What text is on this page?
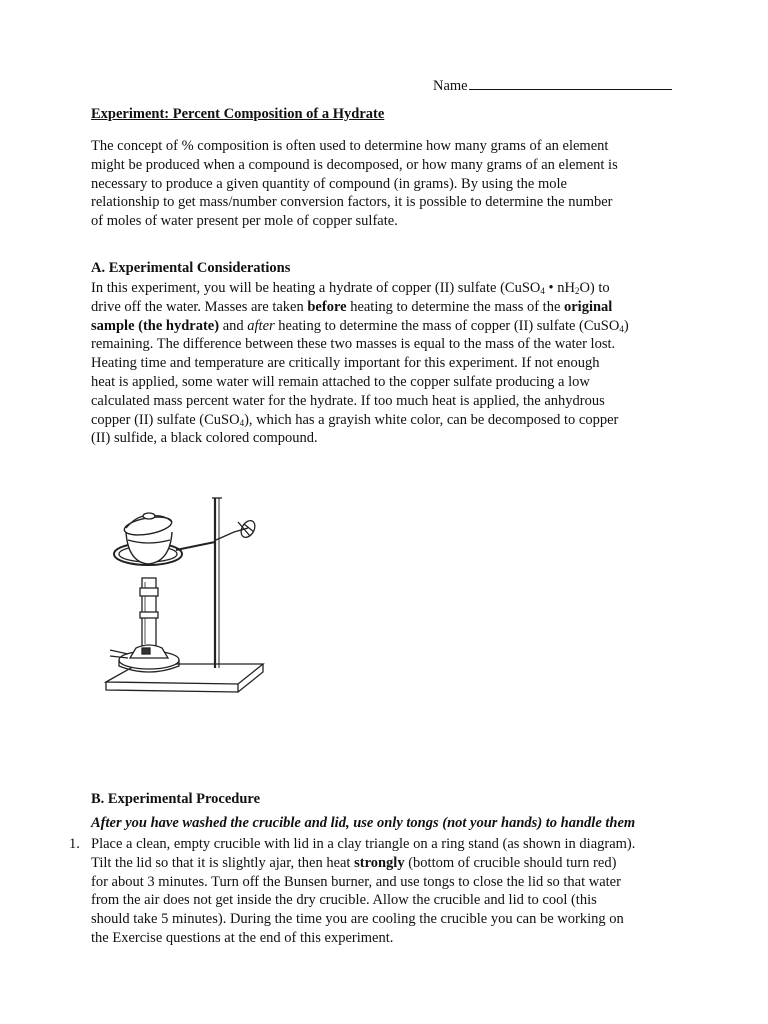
Name
Experiment: Percent Composition of a Hydrate

The concept of % composition is often used to determine how many grams of an element

might be produced when a compound is decomposed, or how many grams of an element is

necessary to produce a given quantity of compound (in grams). By using the mole

relationship to get mass/number conversion factors, it is possible to determine the number

of moles of water present per mole of copper sulfate.

A. Experimental Considerations

In this experiment, you will be heating a hydrate of copper (II) sulfate (CuSO$_4$ • $nH_2O$) to

drive off the water. Masses are taken before heating to determine the mass of the original

sample (the hydrate) and after heating to determine the mass of copper (II) sulfate (CuSO$_4$)

remaining. The difference between these two masses is equal to the mass of the water lost.

Heating time and temperature are critically important for this experiment. If not enough

heat is applied, some water will remain attached to the copper sulfate producing a low

calculated mass percent water for the hydrate. If too much heat is applied, the anhydrous

copper (II) sulfate (CuSO$_4$), which has a grayish white color, can be decomposed to copper

(II) sulfide, a black colored compound.

B. Experimental Procedure
After you have washed the crucible and lid, use only tongs (not your hands) to handle them

1. Place a clean, empty crucible with lid in a clay triangle on a ring stand (as shown in diagram).

Tilt the lid so that it is slightly ajar, then heat strongly (bottom of crucible should turn red)

for about 3 minutes. Turn off the Bunsen burner, and use tongs to close the lid so that water

from the air does not get inside the dry crucible. Allow the crucible and lid to cool (this

should take 5 minutes). During the time you are cooling the crucible you can be working on

the Exercise questions at the end of this experiment.
